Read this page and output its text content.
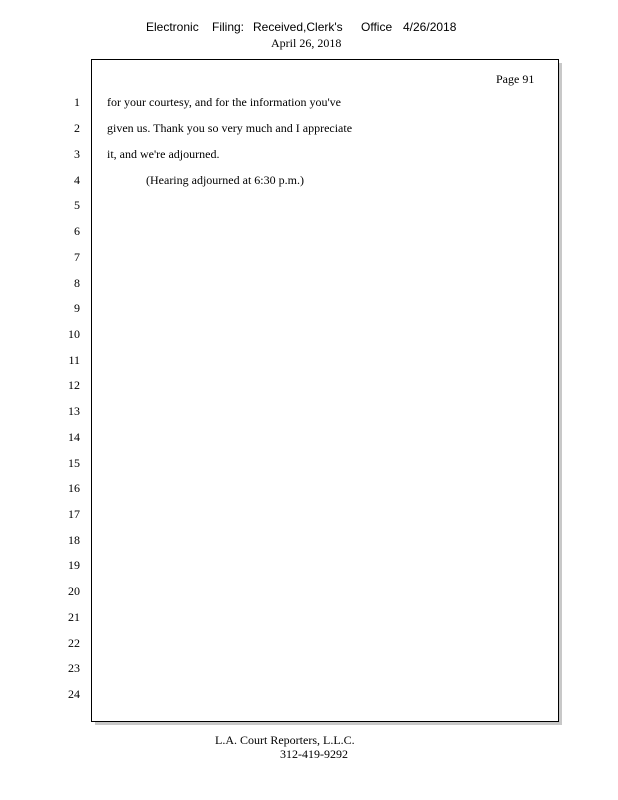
Electronic Filing: Received,Clerk's Office 4/26/2018
April 26, 2018
Page 91
1
2
3
4
5
6
7
8
9
10
11
12
13
14
15
16
17
18
19
20
21
22
23
24
for your courtesy, and for the information you've
given us. Thank you so very much and I appreciate
it, and we're adjourned.
(Hearing adjourned at 6:30 p.m.)
L.A. Court Reporters, L.L.C.
312-419-9292
